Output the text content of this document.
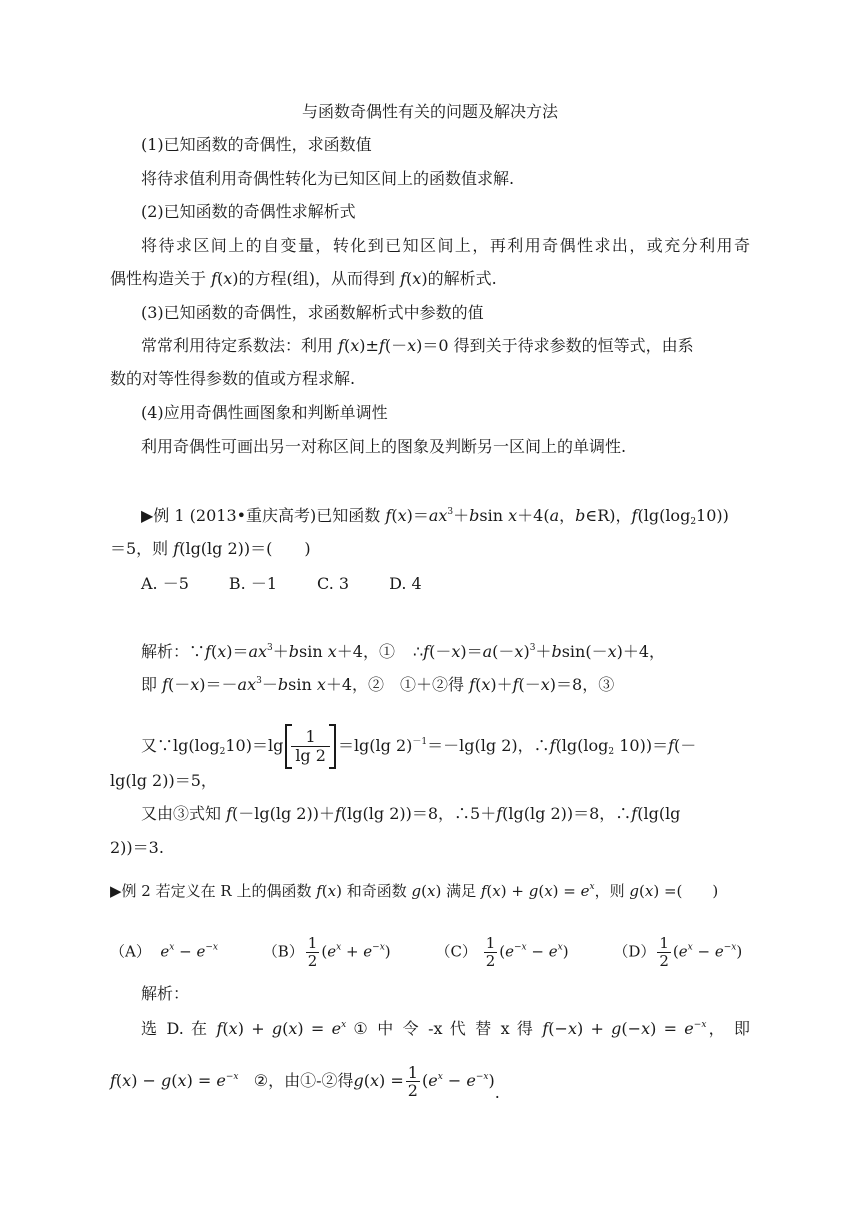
与函数奇偶性有关的问题及解决方法
(1)已知函数的奇偶性，求函数值
将待求值利用奇偶性转化为已知区间上的函数值求解.
(2)已知函数的奇偶性求解析式
将待求区间上的自变量，转化到已知区间上，再利用奇偶性求出，或充分利用奇
偶性构造关于 f(x)的方程(组)，从而得到 f(x)的解析式.
(3)已知函数的奇偶性，求函数解析式中参数的值
常常利用待定系数法：利用 f(x)±f(－x)＝0 得到关于待求参数的恒等式，由系
数的对等性得参数的值或方程求解.
(4)应用奇偶性画图象和判断单调性
利用奇偶性可画出另一对称区间上的图象及判断另一区间上的单调性.
▶例 1 (2013•重庆高考)已知函数 $f(x)=ax^3+bsin$ x＋4(a，b∈R)，$f(\lg(\log_210))$
＝5，则 f(lg(lg 2))＝(　　)
A. －5	B. －1	C. 3	D. 4
解析：$\because f(x)=ax^3+bsin$ x＋4，① $\therefore f(-x)=a(-x)^3+bsin(-x)+4$，
即 $f(-x)=-ax^3-bsin$ x＋4，②　①＋②得 f(x)＋f(－x)＝8，③
又$\because\lg(\log_210)=\lg \frac{1}{\lg 2} =\lg(\lg$ 2)$^{-1}$＝－lg(lg 2)，$\therefore f(\lg(\log_2$ 10))＝f(－
lg(lg 2))＝5，
又由③式知 f(－lg(lg 2))＋f(lg(lg 2))＝8，∴5＋f(lg(lg 2))＝8，∴f(lg(lg
2))＝3.
▶例 2 若定义在 R 上的偶函数 f(x) 和奇函数 g(x) 满足 $f(x) + g(x) = e^x$，则 g(x) =(　　)
（A） $e^x - e^{-x}$	$(B) \frac{1}{2} (e^x + e^{-x})$	$(C) \frac{1}{2} (e^{-x} - e^x)$	$(D) \frac{1}{2} (e^x - e^{-x})$
解析：
选 D. 在 $f(x) + g(x) = e^x$ ① 中 令 -x 代 替 x 得 $f(-x) + g(-x) = e^{-x}$， 即
$f(x) - g(x) = e^{-x}$ ②，由①-②得$g(x) = \frac{1}{2} (e^x - e^{-x})$.
